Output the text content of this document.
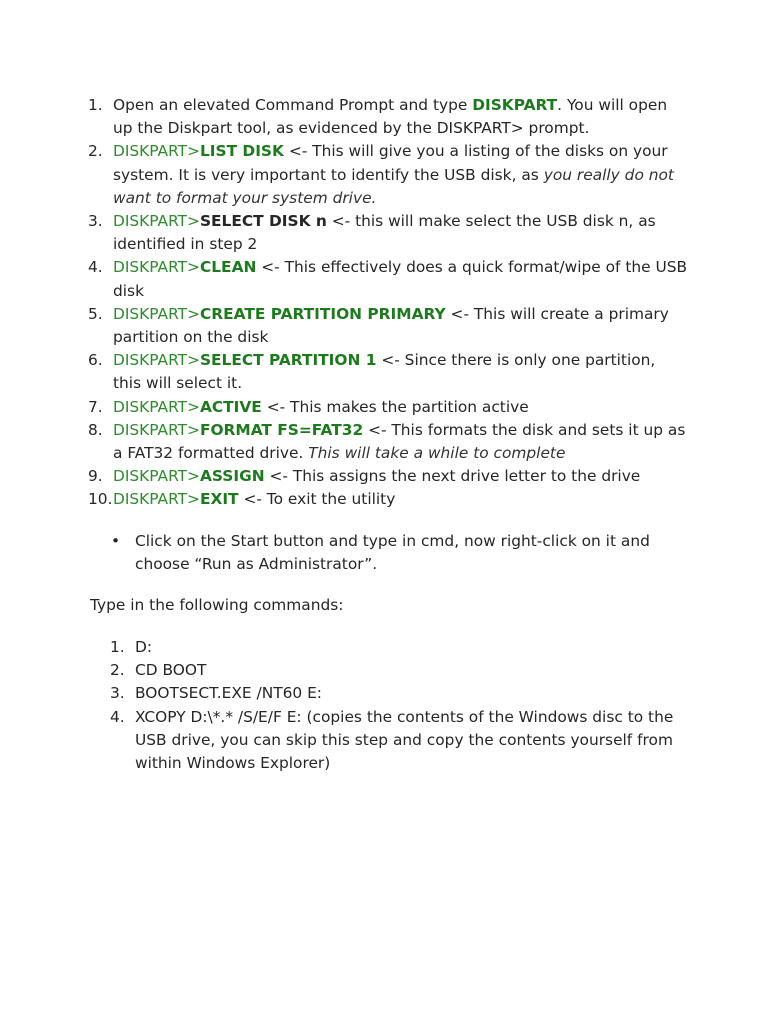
1. Open an elevated Command Prompt and type DISKPART. You will open up the Diskpart tool, as evidenced by the DISKPART> prompt.
2. DISKPART>LIST DISK <- This will give you a listing of the disks on your system. It is very important to identify the USB disk, as you really do not want to format your system drive.
3. DISKPART>SELECT DISK n <- this will make select the USB disk n, as identified in step 2
4. DISKPART>CLEAN <- This effectively does a quick format/wipe of the USB disk
5. DISKPART>CREATE PARTITION PRIMARY <- This will create a primary partition on the disk
6. DISKPART>SELECT PARTITION 1 <- Since there is only one partition, this will select it.
7. DISKPART>ACTIVE <- This makes the partition active
8. DISKPART>FORMAT FS=FAT32 <- This formats the disk and sets it up as a FAT32 formatted drive. This will take a while to complete
9. DISKPART>ASSIGN <- This assigns the next drive letter to the drive
10. DISKPART>EXIT <- To exit the utility
• Click on the Start button and type in cmd, now right-click on it and choose “Run as Administrator”.

Type in the following commands:

1. D:
2. CD BOOT
3. BOOTSECT.EXE /NT60 E:
4. XCOPY D:\*.* /S/E/F E: (copies the contents of the Windows disc to the USB drive, you can skip this step and copy the contents yourself from within Windows Explorer)
